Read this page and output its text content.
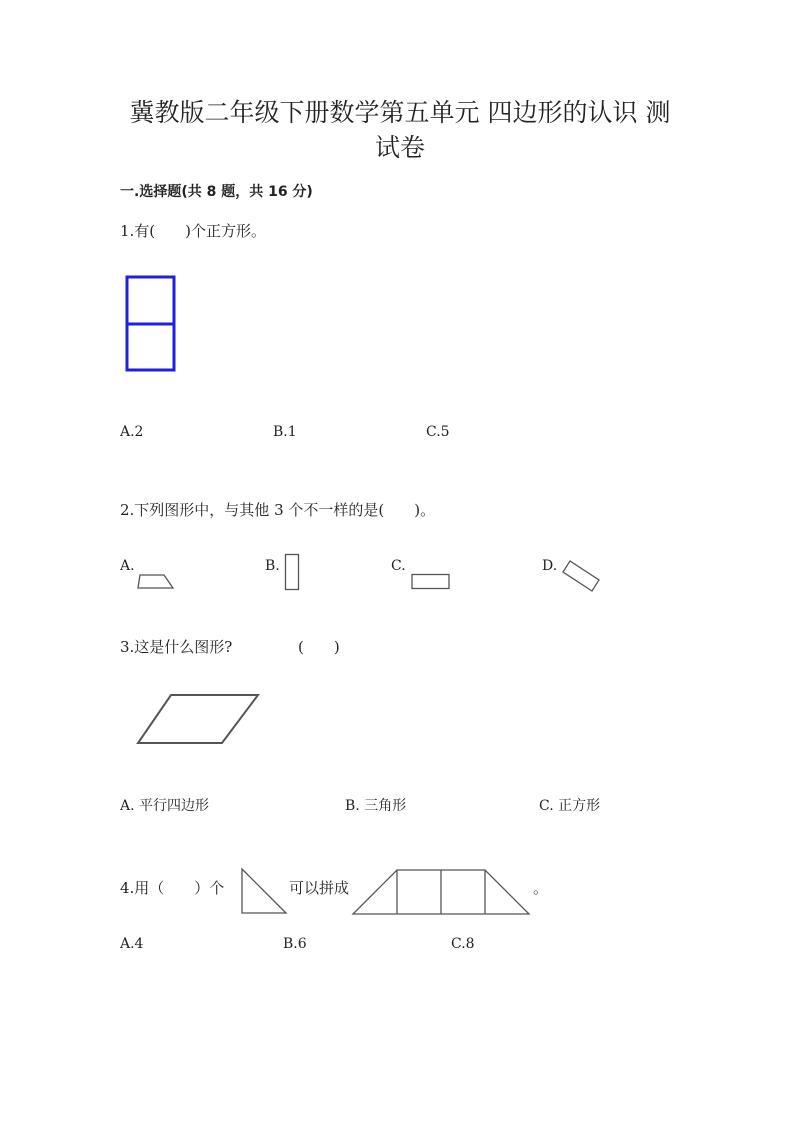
冀教版二年级下册数学第五单元 四边形的认识 测
试卷
一.选择题(共 8 题，共 16 分)
1.有(　　)个正方形。
A.2	B.1	C.5
2.下列图形中，与其他 3 个不一样的是(　　)。
A.	B.	C.	D.
3.这是什么图形?	(　　)
A. 平行四边形	B. 三角形	C. 正方形
4.用（　　）个	可以拼成	。
A.4	B.6	C.8
